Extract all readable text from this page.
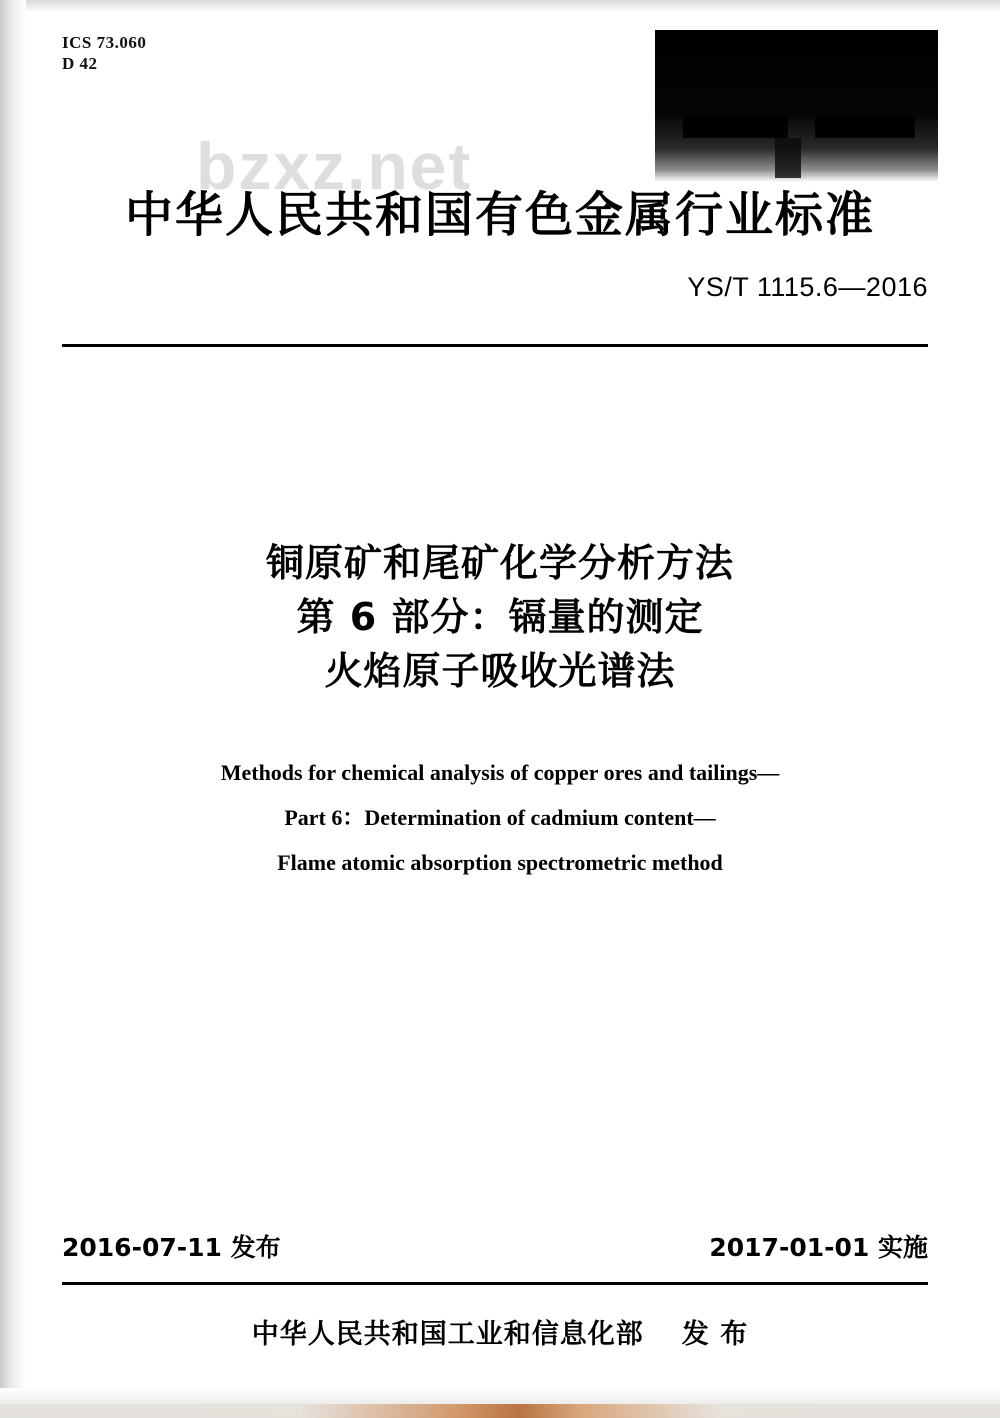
ICS 73.060
D 42
bzxz.net
中华人民共和国有色金属行业标准
YS/T 1115.6—2016
铜原矿和尾矿化学分析方法
第 6 部分：镉量的测定
火焰原子吸收光谱法
Methods for chemical analysis of copper ores and tailings—
Part 6：Determination of cadmium content—
Flame atomic absorption spectrometric method
2016-07-11 发布	2017-01-01 实施
中华人民共和国工业和信息化部 发 布
